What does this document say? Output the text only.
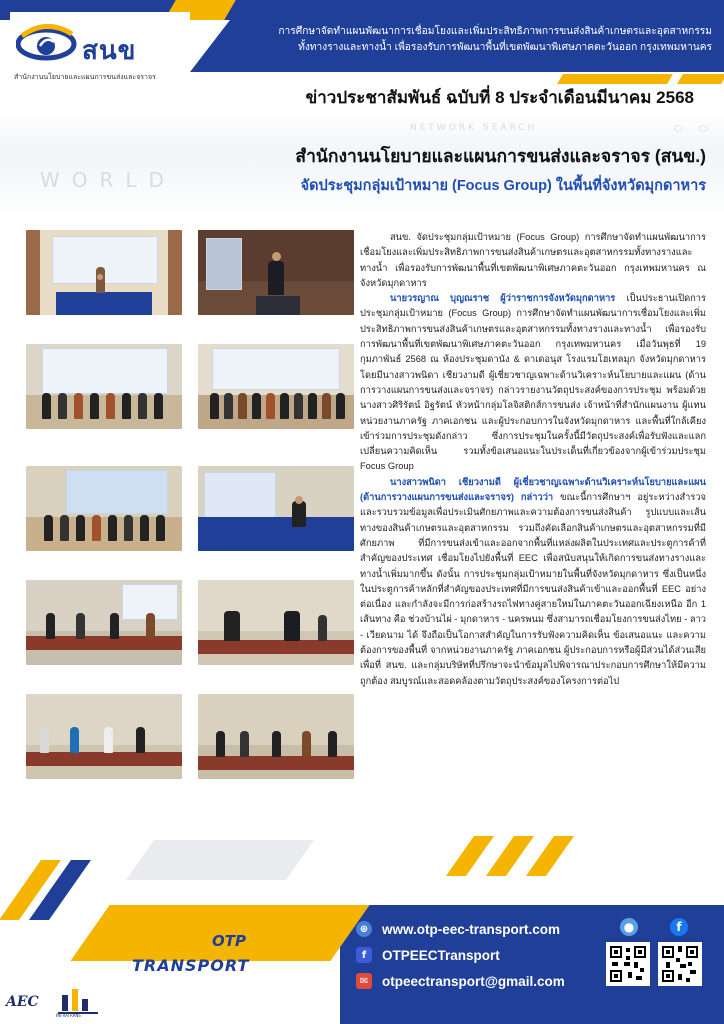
สนข
สำนักงานนโยบายและแผนการขนส่งและจราจร
การศึกษาจัดทำแผนพัฒนาการเชื่อมโยงและเพิ่มประสิทธิภาพการขนส่งสินค้าเกษตรและอุตสาหกรรม
ทั้งทางรางและทางน้ำ เพื่อรองรับการพัฒนาพื้นที่เขตพัฒนาพิเศษภาคตะวันออก กรุงเทพมหานคร
ข่าวประชาสัมพันธ์ ฉบับที่ 8 ประจำเดือนมีนาคม 2568
WORLD
NETWORK SEARCH	⬭ ⬭
สำนักงานนโยบายและแผนการขนส่งและจราจร (สนข.)
จัดประชุมกลุ่มเป้าหมาย (Focus Group) ในพื้นที่จังหวัดมุกดาหาร

สนข. จัดประชุมกลุ่มเป้าหมาย (Focus Group) การศึกษาจัดทำแผนพัฒนาการเชื่อมโยงและเพิ่มประสิทธิภาพการขนส่งสินค้าเกษตรและอุตสาหกรรมทั้งทางรางและทางน้ำ เพื่อรองรับการพัฒนาพื้นที่เขตพัฒนาพิเศษภาคตะวันออก กรุงเทพมหานคร ณ จังหวัดมุกดาหาร

นายวรญาณ บุญณราช ผู้ว่าราชการจังหวัดมุกดาหาร เป็นประธานเปิดการประชุมกลุ่มเป้าหมาย (Focus Group) การศึกษาจัดทำแผนพัฒนาการเชื่อมโยงและเพิ่มประสิทธิภาพการขนส่งสินค้าเกษตรและอุตสาหกรรมทั้งทางรางและทางน้ำ เพื่อรองรับการพัฒนาพื้นที่เขตพัฒนาพิเศษภาคตะวันออก กรุงเทพมหานคร เมื่อวันพุธที่ 19 กุมภาพันธ์ 2568 ณ ห้องประชุมดานัง & ดาเดอนุส โรงแรมโฮเทลมุก จังหวัดมุกดาหาร โดยมีนางสาวพนิดา เชียวงามดี ผู้เชี่ยวชาญเฉพาะด้านวิเคราะห์นโยบายและแผน (ด้านการวางแผนการขนส่งและจราจร) กล่าวรายงานวัตถุประสงค์ของการประชุม พร้อมด้วยนางสาวศิริรัตน์ อิฐรัตน์ หัวหน้ากลุ่มโลจิสติกส์การขนส่ง เจ้าหน้าที่สำนักแผนงาน ผู้แทนหน่วยงานภาครัฐ ภาคเอกชน และผู้ประกอบการในจังหวัดมุกดาหาร และพื้นที่ใกล้เคียงเข้าร่วมการประชุมดังกล่าว ซึ่งการประชุมในครั้งนี้มีวัตถุประสงค์เพื่อรับฟังและแลกเปลี่ยนความคิดเห็น รวมทั้งข้อเสนอแนะในประเด็นที่เกี่ยวข้องจากผู้เข้าร่วมประชุม Focus Group

นางสาวพนิดา เชียวงามดี ผู้เชี่ยวชาญเฉพาะด้านวิเคราะห์นโยบายและแผน (ด้านการวางแผนการขนส่งและจราจร) กล่าวว่า ขณะนี้การศึกษาฯ อยู่ระหว่างสำรวจและรวบรวมข้อมูลเพื่อประเมินศักยภาพและความต้องการขนส่งสินค้า รูปแบบและเส้นทางของสินค้าเกษตรและอุตสาหกรรม รวมถึงคัดเลือกสินค้าเกษตรและอุตสาหกรรมที่มีศักยภาพ ที่มีการขนส่งเข้าและออกจากพื้นที่แหล่งผลิตในประเทศและประตูการค้าที่สำคัญของประเทศ เชื่อมโยงไปยังพื้นที่ EEC เพื่อสนับสนุนให้เกิดการขนส่งทางรางและทางน้ำเพิ่มมากขึ้น ดังนั้น การประชุมกลุ่มเป้าหมายในพื้นที่จังหวัดมุกดาหาร ซึ่งเป็นหนึ่งในประตูการค้าหลักที่สำคัญของประเทศที่มีการขนส่งสินค้าเข้าและออกพื้นที่ EEC อย่างต่อเนื่อง และกำลังจะมีการก่อสร้างรถไฟทางคู่สายใหม่ในภาคตะวันออกเฉียงเหนือ อีก 1 เส้นทาง คือ ช่วงบ้านไผ่ - มุกดาหาร - นครพนม ซึ่งสามารถเชื่อมโยงการขนส่งไทย - ลาว - เวียดนาม ได้ จึงถือเป็นโอกาสสำคัญในการรับฟังความคิดเห็น ข้อเสนอแนะ และความต้องการของพื้นที่ จากหน่วยงานภาครัฐ ภาคเอกชน ผู้ประกอบการหรือผู้มีส่วนได้ส่วนเสีย เพื่อที่ สนข. และกลุ่มบริษัทที่ปรึกษาจะนำข้อมูลไปพิจารณาประกอบการศึกษาให้มีความถูกต้อง สมบูรณ์และสอดคล้องตามวัตถุประสงค์ของโครงการต่อไป

EEC OTP
TRANSPORT
AEC
INFRATRANS
⊕ www.otp-eec-transport.com
f	OTPEECTransport
✉ otpeectransport@gmail.com
●	f
